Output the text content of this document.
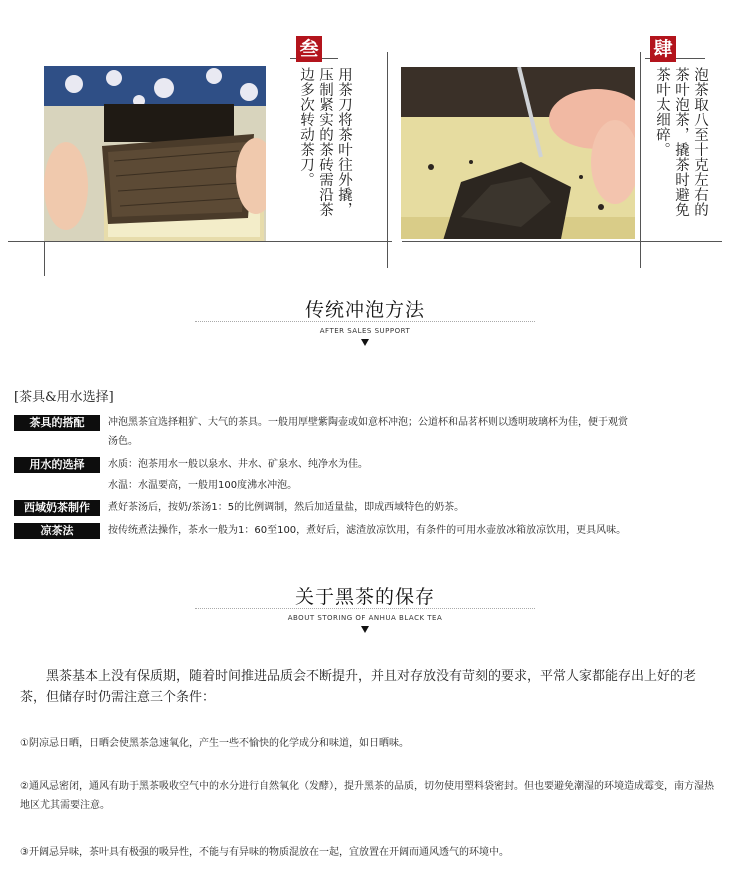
叁
用茶刀将茶叶往外撬，
压制紧实的茶砖需沿茶
边多次转动茶刀。
肆
泡茶取八至十克左右的
茶叶泡茶，撬茶时避免
茶叶太细碎。
传统冲泡方法
AFTER SALES SUPPORT
[茶具&用水选择]
茶具的搭配	冲泡黑茶宜选择粗犷、大气的茶具。一般用厚壁紫陶壶或如意杯冲泡；公道杯和品茗杯则以透明玻璃杯为佳，便于观赏
汤色。
用水的选择	水质：泡茶用水一般以泉水、井水、矿泉水、纯净水为佳。
水温：水温要高，一般用100度沸水冲泡。
西域奶茶制作	煮好茶汤后，按奶/茶汤1：5的比例调制，然后加适量盐，即成西域特色的奶茶。
凉茶法	按传统煮法操作，茶水一般为1：60至100，煮好后，滤渣放凉饮用，有条件的可用水壶放冰箱放凉饮用，更具风味。
关于黑茶的保存
ABOUT STORING OF ANHUA BLACK TEA
黑茶基本上没有保质期，随着时间推进品质会不断提升，并且对存放没有苛刻的要求，平常人家都能存出上好的老茶，但储存时仍需注意三个条件：
①阴凉忌日晒，日晒会使黑茶急速氧化，产生一些不愉快的化学成分和味道，如日晒味。
②通风忌密闭，通风有助于黑茶吸收空气中的水分进行自然氧化（发酵），提升黑茶的品质，切勿使用塑料袋密封。但也要避免潮湿的环境造成霉变，南方湿热地区尤其需要注意。
③开阔忌异味，茶叶具有极强的吸异性，不能与有异味的物质混放在一起，宜放置在开阔而通风透气的环境中。
